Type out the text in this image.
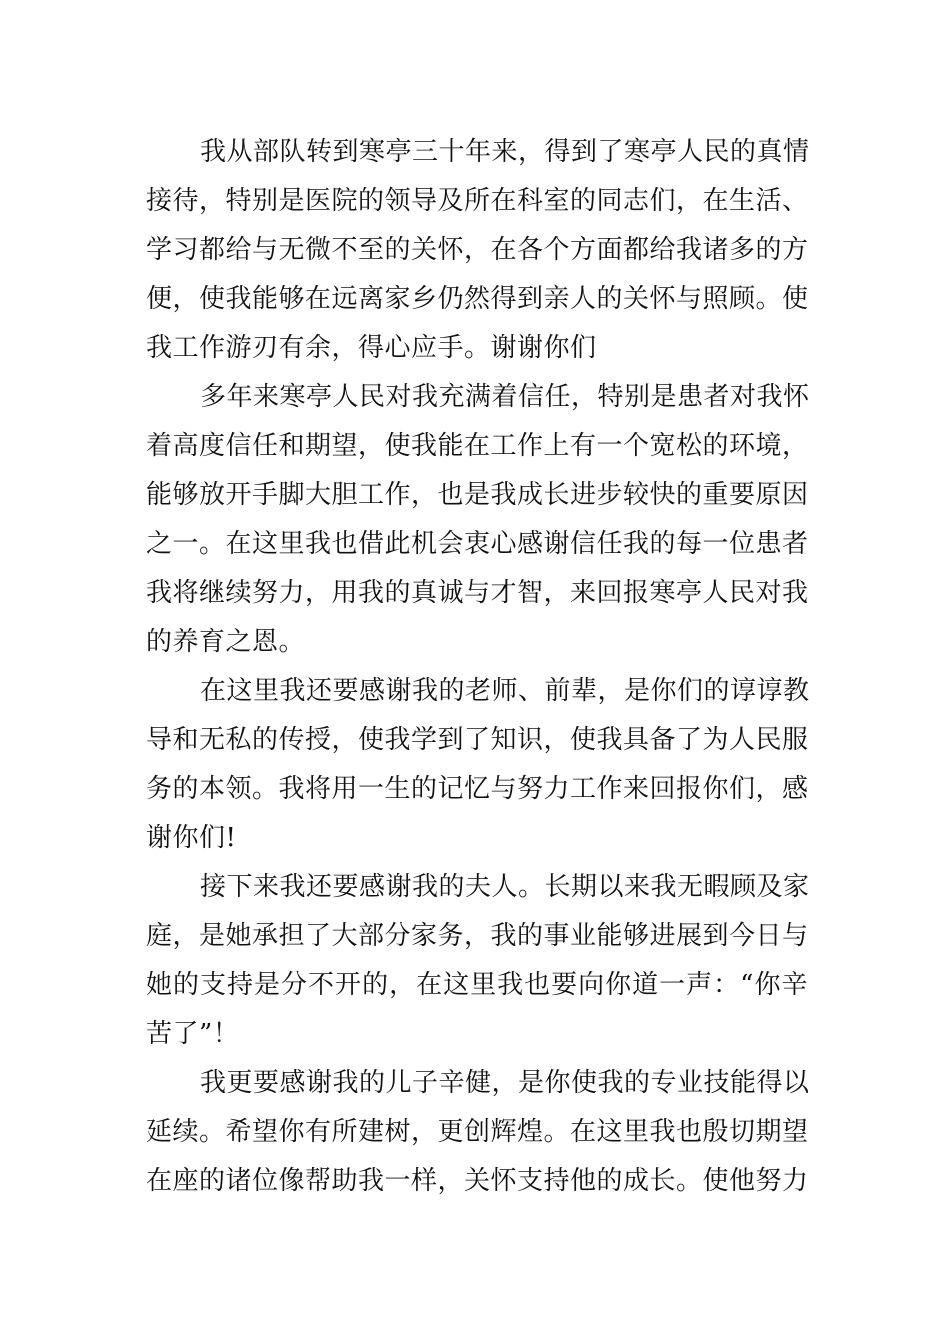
我从部队转到寒亭三十年来，得到了寒亭人民的真情
接待，特别是医院的领导及所在科室的同志们，在生活、
学习都给与无微不至的关怀，在各个方面都给我诸多的方
便，使我能够在远离家乡仍然得到亲人的关怀与照顾。使
我工作游刃有余，得心应手。谢谢你们
多年来寒亭人民对我充满着信任，特别是患者对我怀
着高度信任和期望，使我能在工作上有一个宽松的环境，
能够放开手脚大胆工作，也是我成长进步较快的重要原因
之一。在这里我也借此机会衷心感谢信任我的每一位患者
我将继续努力，用我的真诚与才智，来回报寒亭人民对我
的养育之恩。
在这里我还要感谢我的老师、前辈，是你们的谆谆教
导和无私的传授，使我学到了知识，使我具备了为人民服
务的本领。我将用一生的记忆与努力工作来回报你们，感
谢你们!
接下来我还要感谢我的夫人。长期以来我无暇顾及家
庭，是她承担了大部分家务，我的事业能够进展到今日与
她的支持是分不开的，在这里我也要向你道一声：“你辛
苦了”！
我更要感谢我的儿子辛健，是你使我的专业技能得以
延续。希望你有所建树，更创辉煌。在这里我也殷切期望
在座的诸位像帮助我一样，关怀支持他的成长。使他努力
